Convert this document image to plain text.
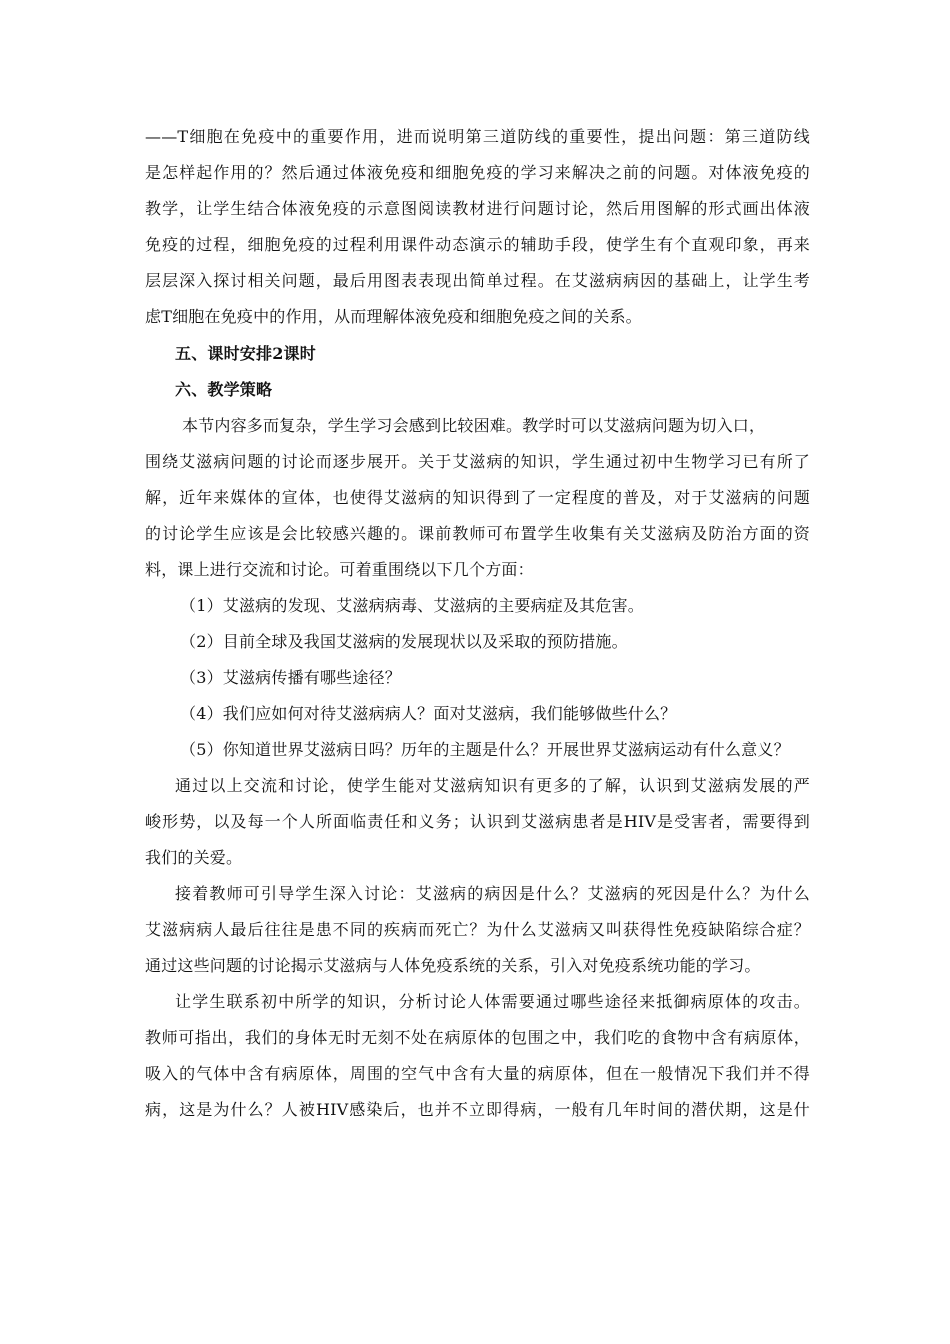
——T细胞在免疫中的重要作用，进而说明第三道防线的重要性，提出问题：第三道防线
是怎样起作用的？然后通过体液免疫和细胞免疫的学习来解决之前的问题。对体液免疫的
教学，让学生结合体液免疫的示意图阅读教材进行问题讨论，然后用图解的形式画出体液
免疫的过程，细胞免疫的过程利用课件动态演示的辅助手段，使学生有个直观印象，再来
层层深入探讨相关问题，最后用图表表现出简单过程。在艾滋病病因的基础上，让学生考
虑T细胞在免疫中的作用，从而理解体液免疫和细胞免疫之间的关系。
五、课时安排2课时
六、教学策略
本节内容多而复杂，学生学习会感到比较困难。教学时可以艾滋病问题为切入口，
围绕艾滋病问题的讨论而逐步展开。关于艾滋病的知识，学生通过初中生物学习已有所了
解，近年来媒体的宣体，也使得艾滋病的知识得到了一定程度的普及，对于艾滋病的问题
的讨论学生应该是会比较感兴趣的。课前教师可布置学生收集有关艾滋病及防治方面的资
料，课上进行交流和讨论。可着重围绕以下几个方面：
（1）艾滋病的发现、艾滋病病毒、艾滋病的主要病症及其危害。
（2）目前全球及我国艾滋病的发展现状以及采取的预防措施。
（3）艾滋病传播有哪些途径？
（4）我们应如何对待艾滋病病人？面对艾滋病，我们能够做些什么？
（5）你知道世界艾滋病日吗？历年的主题是什么？开展世界艾滋病运动有什么意义？
通过以上交流和讨论，使学生能对艾滋病知识有更多的了解，认识到艾滋病发展的严
峻形势，以及每一个人所面临责任和义务；认识到艾滋病患者是HIV是受害者，需要得到
我们的关爱。
接着教师可引导学生深入讨论：艾滋病的病因是什么？艾滋病的死因是什么？为什么
艾滋病病人最后往往是患不同的疾病而死亡？为什么艾滋病又叫获得性免疫缺陷综合症？
通过这些问题的讨论揭示艾滋病与人体免疫系统的关系，引入对免疫系统功能的学习。
让学生联系初中所学的知识，分析讨论人体需要通过哪些途径来抵御病原体的攻击。
教师可指出，我们的身体无时无刻不处在病原体的包围之中，我们吃的食物中含有病原体，
吸入的气体中含有病原体，周围的空气中含有大量的病原体，但在一般情况下我们并不得
病，这是为什么？人被HIV感染后，也并不立即得病，一般有几年时间的潜伏期，这是什
